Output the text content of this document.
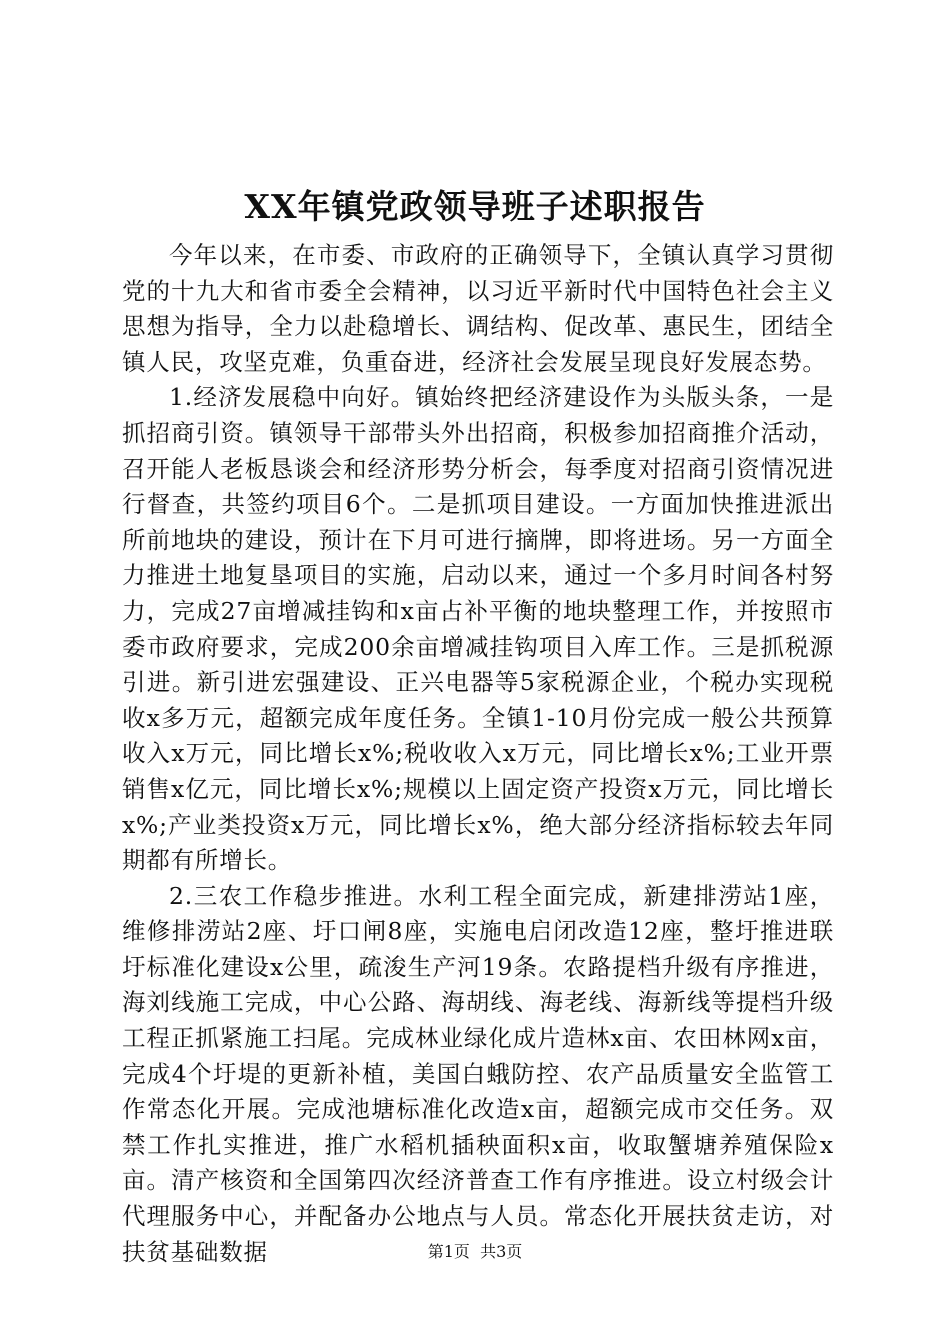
XX年镇党政领导班子述职报告

今年以来，在市委、市政府的正确领导下，全镇认真学习贯彻党的十九大和省市委全会精神，以习近平新时代中国特色社会主义思想为指导，全力以赴稳增长、调结构、促改革、惠民生，团结全镇人民，攻坚克难，负重奋进，经济社会发展呈现良好发展态势。

1.经济发展稳中向好。镇始终把经济建设作为头版头条，一是抓招商引资。镇领导干部带头外出招商，积极参加招商推介活动，召开能人老板恳谈会和经济形势分析会，每季度对招商引资情况进行督查，共签约项目6个。二是抓项目建设。一方面加快推进派出所前地块的建设，预计在下月可进行摘牌，即将进场。另一方面全力推进土地复垦项目的实施，启动以来，通过一个多月时间各村努力，完成27亩增减挂钩和x亩占补平衡的地块整理工作，并按照市委市政府要求，完成200余亩增减挂钩项目入库工作。三是抓税源引进。新引进宏强建设、正兴电器等5家税源企业，个税办实现税收x多万元，超额完成年度任务。全镇1-10月份完成一般公共预算收入x万元，同比增长x%;税收收入x万元，同比增长x%;工业开票销售x亿元，同比增长x%;规模以上固定资产投资x万元，同比增长x%;产业类投资x万元，同比增长x%，绝大部分经济指标较去年同期都有所增长。

2.三农工作稳步推进。水利工程全面完成，新建排涝站1座，维修排涝站2座、圩口闸8座，实施电启闭改造12座，整圩推进联圩标准化建设x公里，疏浚生产河19条。农路提档升级有序推进，海刘线施工完成，中心公路、海胡线、海老线、海新线等提档升级工程正抓紧施工扫尾。完成林业绿化成片造林x亩、农田林网x亩，完成4个圩堤的更新补植，美国白蛾防控、农产品质量安全监管工作常态化开展。完成池塘标准化改造x亩，超额完成市交任务。双禁工作扎实推进，推广水稻机插秧面积x亩，收取蟹塘养殖保险x亩。清产核资和全国第四次经济普查工作有序推进。设立村级会计代理服务中心，并配备办公地点与人员。常态化开展扶贫走访，对扶贫基础数据	第1页  共3页
